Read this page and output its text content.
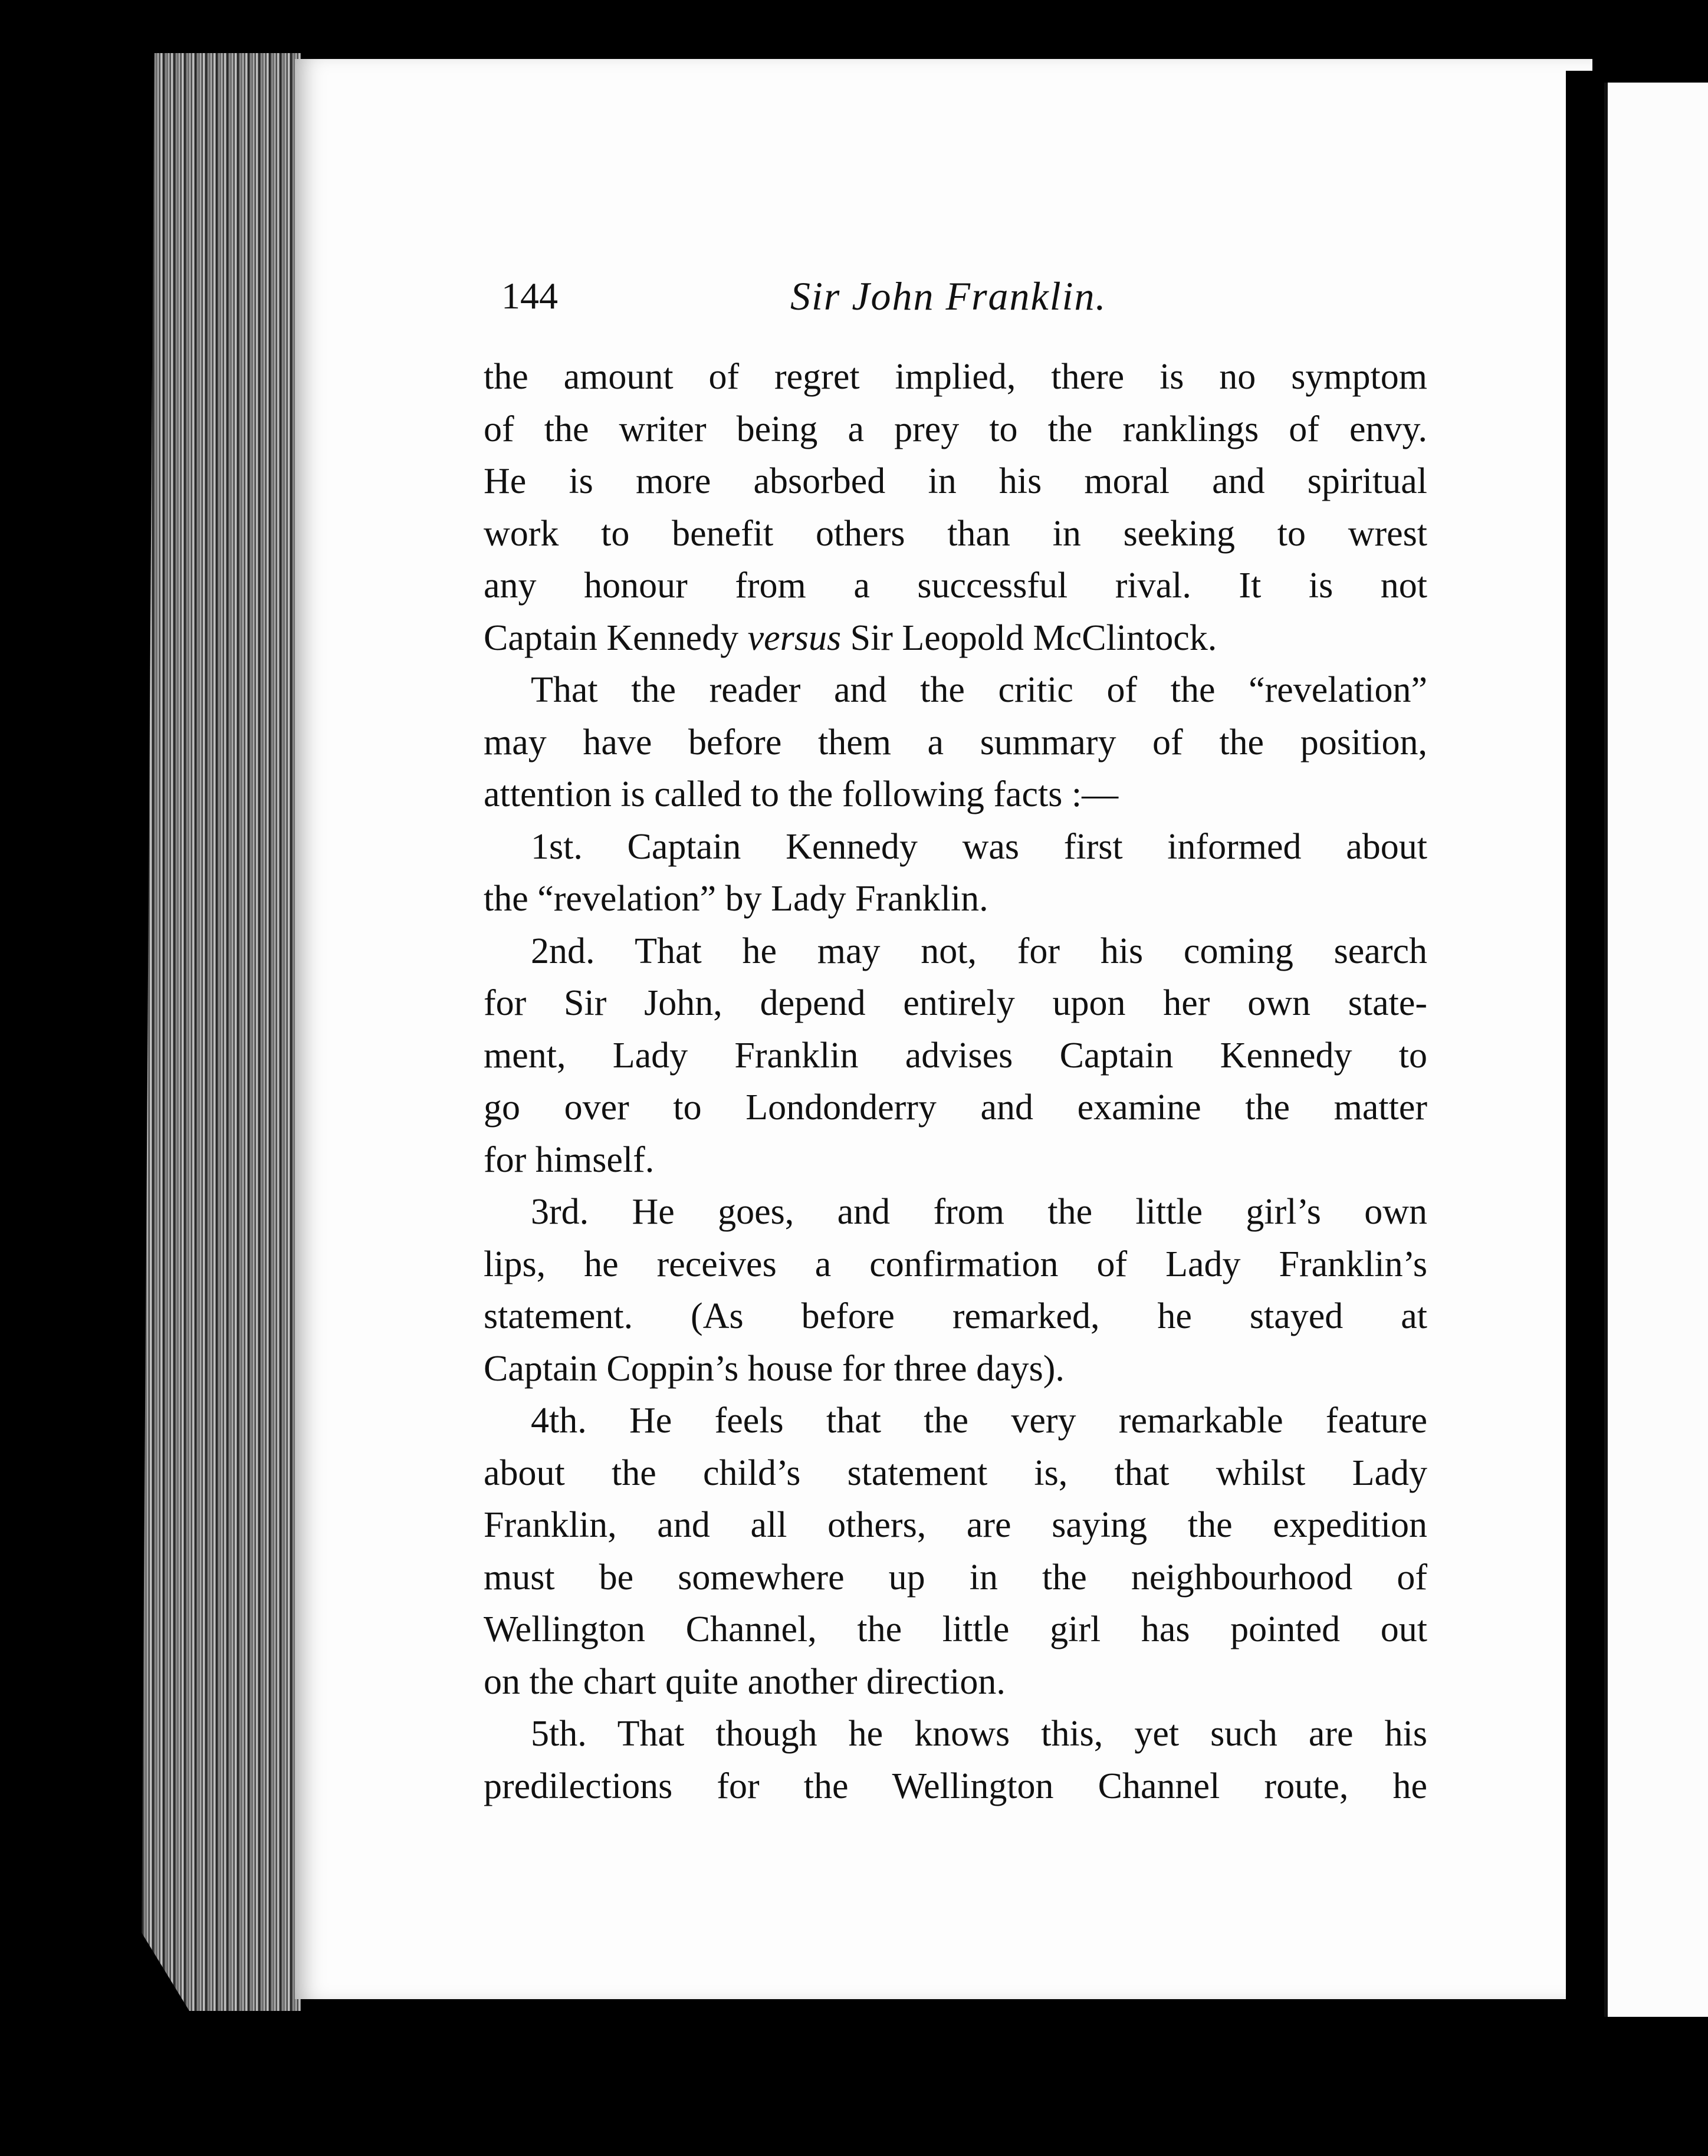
144	Sir John Franklin.
the amount of regret implied, there is no symptom
of the writer being a prey to the ranklings of envy.
He is more absorbed in his moral and spiritual
work to benefit others than in seeking to wrest
any honour from a successful rival. It is not
Captain Kennedy versus Sir Leopold McClintock.
That the reader and the critic of the “revelation”
may have before them a summary of the position,
attention is called to the following facts :—
1st. Captain Kennedy was first informed about
the “revelation” by Lady Franklin.
2nd. That he may not, for his coming search
for Sir John, depend entirely upon her own state-
ment, Lady Franklin advises Captain Kennedy to
go over to Londonderry and examine the matter
for himself.
3rd. He goes, and from the little girl’s own
lips, he receives a confirmation of Lady Franklin’s
statement. (As before remarked, he stayed at
Captain Coppin’s house for three days).
4th. He feels that the very remarkable feature
about the child’s statement is, that whilst Lady
Franklin, and all others, are saying the expedition
must be somewhere up in the neighbourhood of
Wellington Channel, the little girl has pointed out
on the chart quite another direction.
5th. That though he knows this, yet such are his
predilections for the Wellington Channel route, he
